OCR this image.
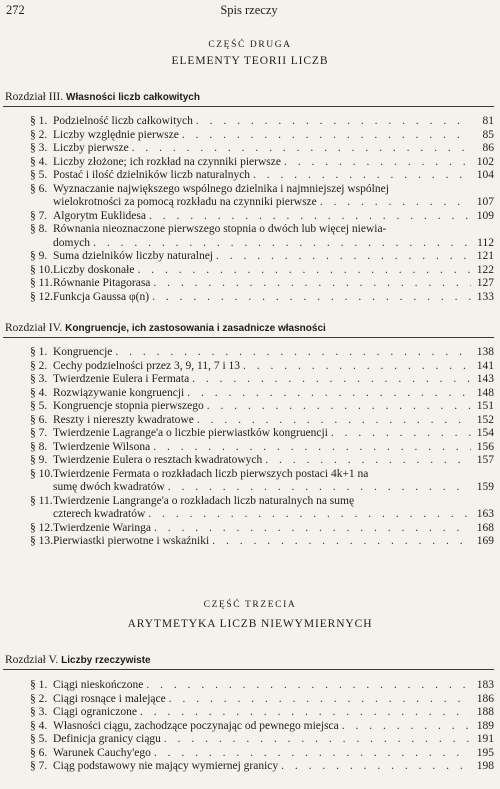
272	Spis rzeczy
CZĘŚĆ DRUGA
ELEMENTY TEORII LICZB
Rozdział III. Własności liczb całkowitych
§ 1. Podzielność liczb całkowitych . . .	81
§ 2. Liczby względnie pierwsze . . .	85
§ 3. Liczby pierwsze . . .	86
§ 4. Liczby złożone; ich rozkład na czynniki pierwsze . . .	102
§ 5. Postać i ilość dzielników liczb naturalnych . . .	104
§ 6. Wyznaczanie największego wspólnego dzielnika i najmniejszej wspólnej
wielokrotności za pomocą rozkładu na czynniki pierwsze . . .	107
§ 7. Algorytm Euklidesa . . .	109
§ 8. Równania nieoznaczone pierwszego stopnia o dwóch lub więcej niewia-
domych . . .	112
§ 9. Suma dzielników liczby naturalnej . . .	121
§ 10. Liczby doskonałe . . .	122
§ 11. Równanie Pitagorasa . . .	127
§ 12. Funkcja Gaussa φ(n) . . .	133
Rozdział IV. Kongruencje, ich zastosowania i zasadnicze własności
§ 1. Kongruencje . . .	138
§ 2. Cechy podzielności przez 3, 9, 11, 7 i 13 . . .	141
§ 3. Twierdzenie Eulera i Fermata . . .	143
§ 4. Rozwiązywanie kongruencji . . .	148
§ 5. Kongruencje stopnia pierwszego . . .	151
§ 6. Reszty i niereszty kwadratowe . . .	152
§ 7. Twierdzenie Lagrange'a o liczbie pierwiastków kongruencji . . .	154
§ 8. Twierdzenie Wilsona . . .	156
§ 9. Twierdzenie Eulera o resztach kwadratowych . . .	157
§ 10. Twierdzenie Fermata o rozkładach liczb pierwszych postaci 4k+1 na
sumę dwóch kwadratów . . .	159
§ 11. Twierdzenie Langrange'a o rozkładach liczb naturalnych na sumę
czterech kwadratów . . .	163
§ 12. Twierdzenie Waringa . . .	168
§ 13. Pierwiastki pierwotne i wskaźniki . . .	169
CZĘŚĆ TRZECIA
ARYTMETYKA LICZB NIEWYMIERNYCH
Rozdział V. Liczby rzeczywiste
§ 1. Ciągi nieskończone . . .	183
§ 2. Ciągi rosnące i malejące . . .	186
§ 3. Ciągi ograniczone . . .	188
§ 4. Własności ciągu, zachodzące poczynając od pewnego miejsca . . .	189
§ 5. Definicja granicy ciągu . . .	191
§ 6. Warunek Cauchy'ego . . .	195
§ 7. Ciąg podstawowy nie mający wymiernej granicy . . .	198
